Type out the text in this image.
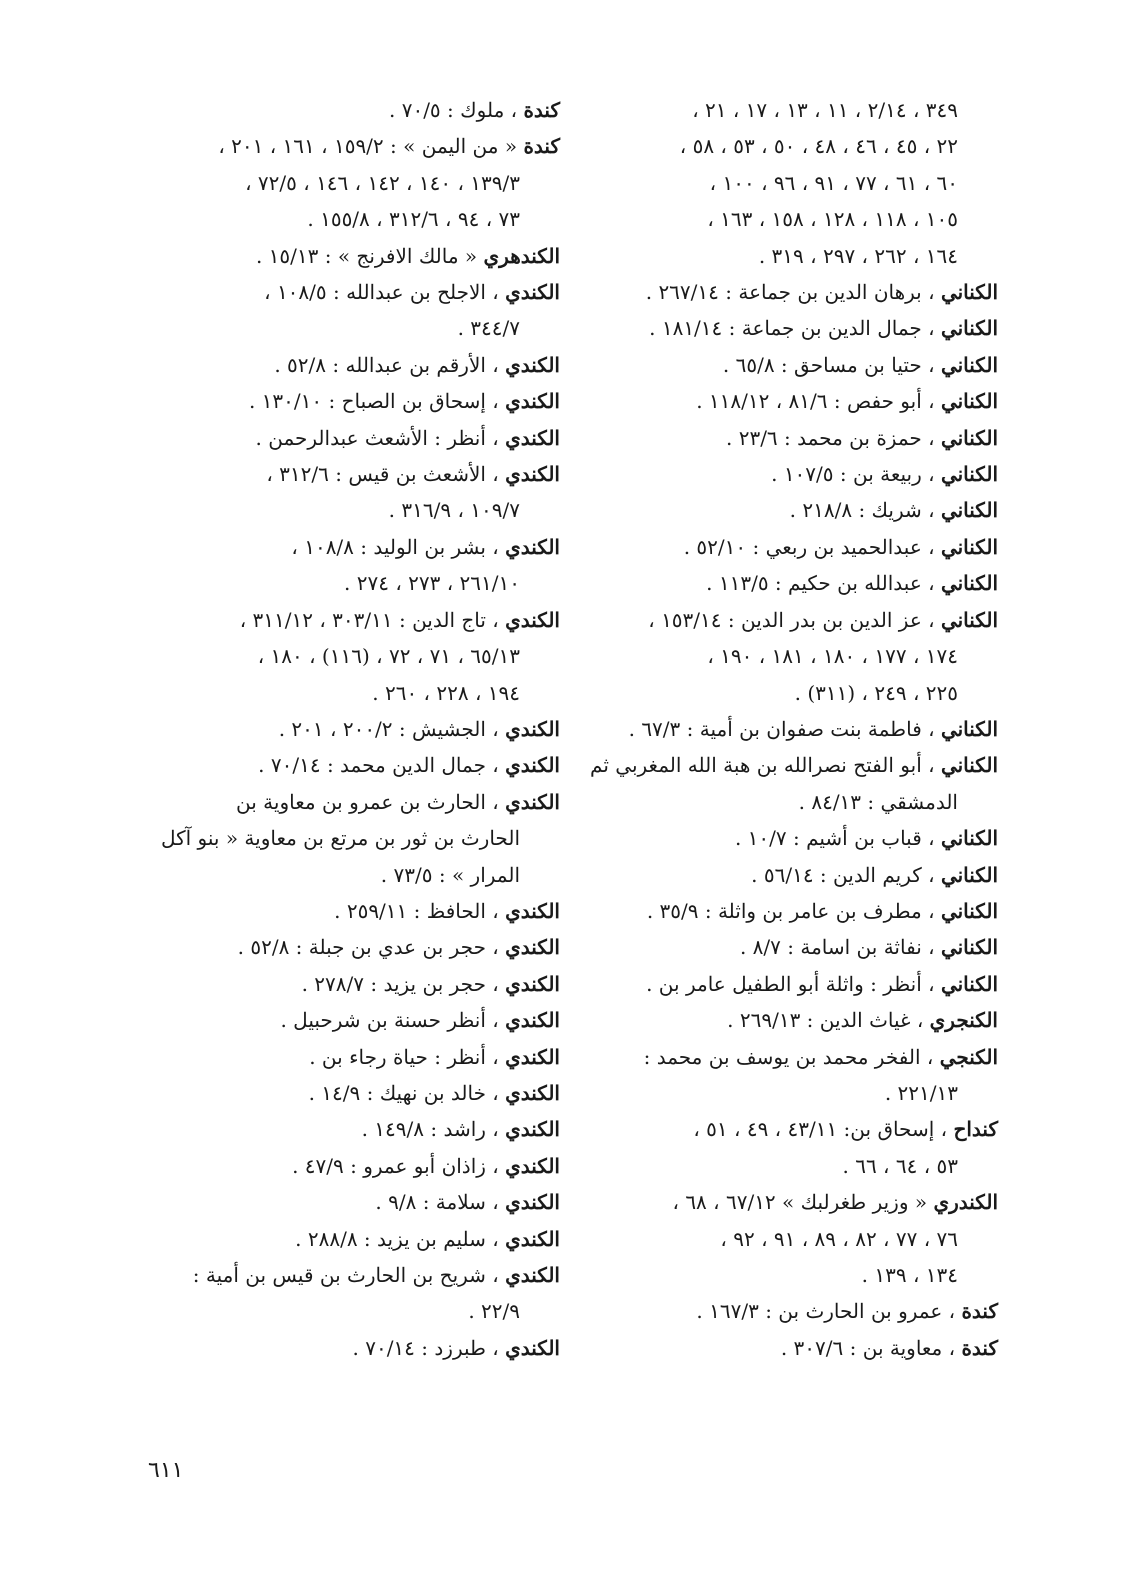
٣٤٩ ، ٢/١٤ ، ١١ ، ١٣ ، ١٧ ، ٢١ ،
٢٢ ، ٤٥ ، ٤٦ ، ٤٨ ، ٥٠ ، ٥٣ ، ٥٨ ،
٦٠ ، ٦١ ، ٧٧ ، ٩١ ، ٩٦ ، ١٠٠ ،
١٠٥ ، ١١٨ ، ١٢٨ ، ١٥٨ ، ١٦٣ ،
١٦٤ ، ٢٦٢ ، ٢٩٧ ، ٣١٩ .
الكناني ، برهان الدين بن جماعة : ٢٦٧/١٤ .
الكناني ، جمال الدين بن جماعة : ١٨١/١٤ .
الكناني ، حتيا بن مساحق : ٦٥/٨ .
الكناني ، أبو حفص : ٨١/٦ ، ١١٨/١٢ .
الكناني ، حمزة بن محمد : ٢٣/٦ .
الكناني ، ربيعة بن : ١٠٧/٥ .
الكناني ، شريك : ٢١٨/٨ .
الكناني ، عبدالحميد بن ربعي : ٥٢/١٠ .
الكناني ، عبدالله بن حكيم : ١١٣/٥ .
الكناني ، عز الدين بن بدر الدين : ١٥٣/١٤ ،
١٧٤ ، ١٧٧ ، ١٨٠ ، ١٨١ ، ١٩٠ ،
٢٢٥ ، ٢٤٩ ، (٣١١) .
الكناني ، فاطمة بنت صفوان بن أمية : ٦٧/٣ .
الكناني ، أبو الفتح نصرالله بن هبة الله المغربي ثم
الدمشقي : ٨٤/١٣ .
الكناني ، قباب بن أشيم : ١٠/٧ .
الكناني ، كريم الدين : ٥٦/١٤ .
الكناني ، مطرف بن عامر بن واثلة : ٣٥/٩ .
الكناني ، نفاثة بن اسامة : ٨/٧ .
الكناني ، أنظر : واثلة أبو الطفيل عامر بن .
الكنجري ، غياث الدين : ٢٦٩/١٣ .
الكنجي ، الفخر محمد بن يوسف بن محمد :
٢٢١/١٣ .
كنداح ، إسحاق بن: ٤٣/١١ ، ٤٩ ، ٥١ ،
٥٣ ، ٦٤ ، ٦٦ .
الكندري « وزير طغرلبك » ٦٧/١٢ ، ٦٨ ،
٧٦ ، ٧٧ ، ٨٢ ، ٨٩ ، ٩١ ، ٩٢ ،
١٣٤ ، ١٣٩ .
كندة ، عمرو بن الحارث بن : ١٦٧/٣ .
كندة ، معاوية بن : ٣٠٧/٦ .
كندة ، ملوك : ٧٠/٥ .
كندة « من اليمن » : ١٥٩/٢ ، ١٦١ ، ٢٠١ ،
١٣٩/٣ ، ١٤٠ ، ١٤٢ ، ١٤٦ ، ٧٢/٥ ،
٧٣ ، ٩٤ ، ٣١٢/٦ ، ١٥٥/٨ .
الكندهري « مالك الافرنج » : ١٥/١٣ .
الكندي ، الاجلح بن عبدالله : ١٠٨/٥ ،
٣٤٤/٧ .
الكندي ، الأرقم بن عبدالله : ٥٢/٨ .
الكندي ، إسحاق بن الصباح : ١٣٠/١٠ .
الكندي ، أنظر : الأشعث عبدالرحمن .
الكندي ، الأشعث بن قيس : ٣١٢/٦ ،
١٠٩/٧ ، ٣١٦/٩ .
الكندي ، بشر بن الوليد : ١٠٨/٨ ،
٢٦١/١٠ ، ٢٧٣ ، ٢٧٤ .
الكندي ، تاج الدين : ٣٠٣/١١ ، ٣١١/١٢ ،
٦٥/١٣ ، ٧١ ، ٧٢ ، (١١٦) ، ١٨٠ ،
١٩٤ ، ٢٢٨ ، ٢٦٠ .
الكندي ، الجشيش : ٢٠٠/٢ ، ٢٠١ .
الكندي ، جمال الدين محمد : ٧٠/١٤ .
الكندي ، الحارث بن عمرو بن معاوية بن
الحارث بن ثور بن مرتع بن معاوية « بنو آكل
المرار » : ٧٣/٥ .
الكندي ، الحافظ : ٢٥٩/١١ .
الكندي ، حجر بن عدي بن جبلة : ٥٢/٨ .
الكندي ، حجر بن يزيد : ٢٧٨/٧ .
الكندي ، أنظر حسنة بن شرحبيل .
الكندي ، أنظر : حياة رجاء بن .
الكندي ، خالد بن نهيك : ١٤/٩ .
الكندي ، راشد : ١٤٩/٨ .
الكندي ، زاذان أبو عمرو : ٤٧/٩ .
الكندي ، سلامة : ٩/٨ .
الكندي ، سليم بن يزيد : ٢٨٨/٨ .
الكندي ، شريح بن الحارث بن قيس بن أمية :
٢٢/٩ .
الكندي ، طبرزد : ٧٠/١٤ .
٦١١
